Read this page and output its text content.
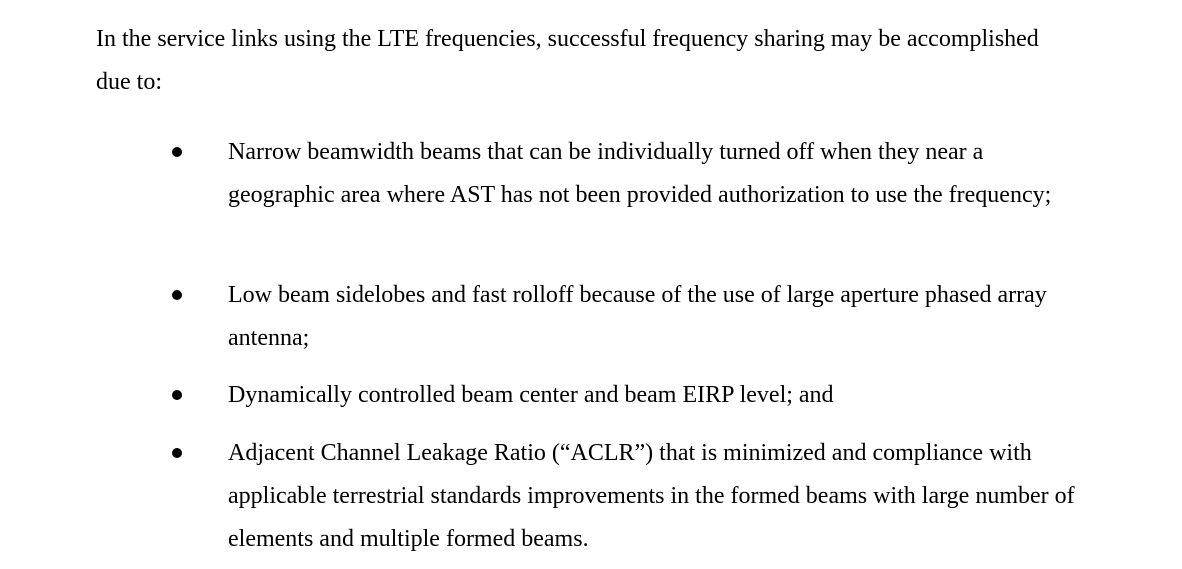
In the service links using the LTE frequencies, successful frequency sharing may be accomplished due to:

Narrow beamwidth beams that can be individually turned off when they near a geographic area where AST has not been provided authorization to use the frequency;

Low beam sidelobes and fast rolloff because of the use of large aperture phased array antenna;

Dynamically controlled beam center and beam EIRP level; and

Adjacent Channel Leakage Ratio (“ACLR”) that is minimized and compliance with applicable terrestrial standards improvements in the formed beams with large number of elements and multiple formed beams.
